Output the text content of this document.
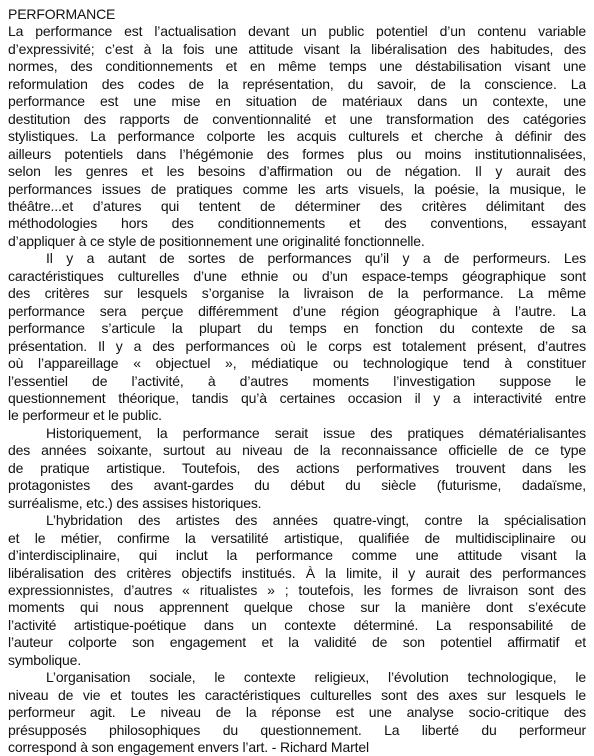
PERFORMANCE

La performance est l’actualisation devant un public potentiel d’un contenu variable
d’expressivité; c’est à la fois une attitude visant la libéralisation des habitudes, des
normes, des conditionnements et en même temps une déstabilisation visant une
reformulation des codes de la représentation, du savoir, de la conscience. La
performance est une mise en situation de matériaux dans un contexte, une
destitution des rapports de conventionnalité et une transformation des catégories
stylistiques. La performance colporte les acquis culturels et cherche à définir des
ailleurs potentiels dans l’hégémonie des formes plus ou moins institutionnalisées,
selon les genres et les besoins d’affirmation ou de négation. Il y aurait des
performances issues de pratiques comme les arts visuels, la poésie, la musique, le
théâtre...et d’atures qui tentent de déterminer des critères délimitant des
méthodologies hors des conditionnements et des conventions, essayant
d’appliquer à ce style de positionnement une originalité fonctionnelle.

Il y a autant de sortes de performances qu’il y a de performeurs. Les
caractéristiques culturelles d’une ethnie ou d’un espace-temps géographique sont
des critères sur lesquels s’organise la livraison de la performance. La même
performance sera perçue différemment d’une région géographique à l’autre. La
performance s’articule la plupart du temps en fonction du contexte de sa
présentation. Il y a des performances où le corps est totalement présent, d’autres
où l’appareillage « objectuel », médiatique ou technologique tend à constituer
l’essentiel de l’activité, à d’autres moments l’investigation suppose le
questionnement théorique, tandis qu’à certaines occasion il y a interactivité entre
le performeur et le public.

Historiquement, la performance serait issue des pratiques dématérialisantes
des années soixante, surtout au niveau de la reconnaissance officielle de ce type
de pratique artistique. Toutefois, des actions performatives trouvent dans les
protagonistes des avant-gardes du début du siècle (futurisme, dadaïsme,
surréalisme, etc.) des assises historiques.

L’hybridation des artistes des années quatre-vingt, contre la spécialisation
et le métier, confirme la versatilité artistique, qualifiée de multidisciplinaire ou
d’interdisciplinaire, qui inclut la performance comme une attitude visant la
libéralisation des critères objectifs institués. À la limite, il y aurait des performances
expressionnistes, d’autres « ritualistes » ; toutefois, les formes de livraison sont des
moments qui nous apprennent quelque chose sur la manière dont s’exécute
l’activité artistique-poétique dans un contexte déterminé. La responsabilité de
l’auteur colporte son engagement et la validité de son potentiel affirmatif et
symbolique.

L’organisation sociale, le contexte religieux, l’évolution technologique, le
niveau de vie et toutes les caractéristiques culturelles sont des axes sur lesquels le
performeur agit. Le niveau de la réponse est une analyse socio-critique des
présupposés philosophiques du questionnement. La liberté du performeur
correspond à son engagement envers l’art. - Richard Martel
